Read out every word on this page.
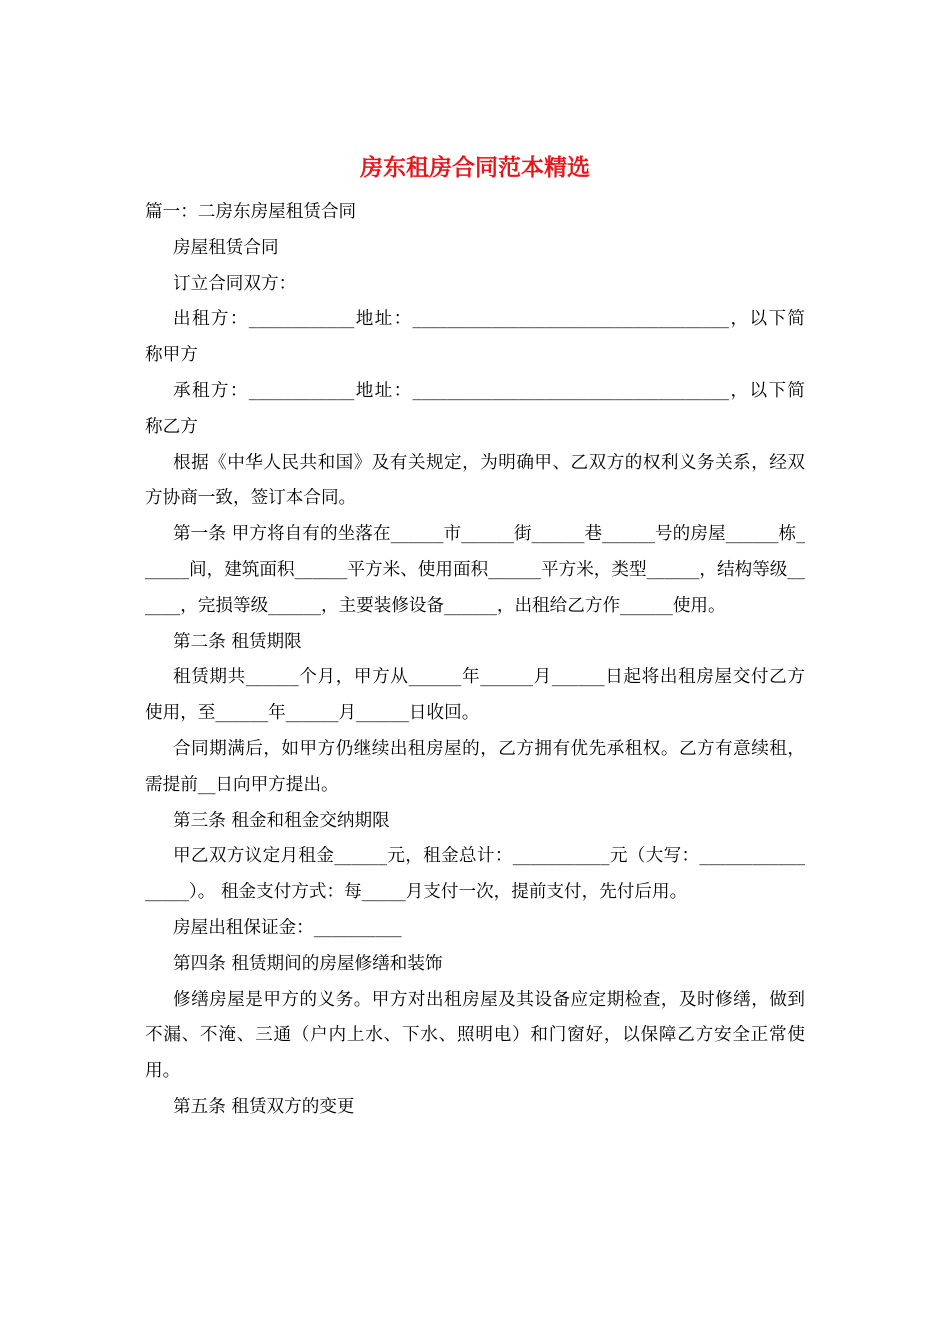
房东租房合同范本精选

篇一：二房东房屋租赁合同

房屋租赁合同

订立合同双方：

出租方：____________地址：____________________________________，以下简称甲方

承租方：____________地址：____________________________________，以下简称乙方

根据《中华人民共和国》及有关规定，为明确甲、乙双方的权利义务关系，经双方协商一致，签订本合同。

第一条 甲方将自有的坐落在______市______街______巷______号的房屋______栋______间，建筑面积______平方米、使用面积______平方米，类型______，结构等级______，完损等级______，主要装修设备______，出租给乙方作______使用。

第二条 租赁期限

租赁期共______个月，甲方从______年______月______日起将出租房屋交付乙方使用，至______年______月______日收回。

合同期满后，如甲方仍继续出租房屋的，乙方拥有优先承租权。乙方有意续租，需提前__日向甲方提出。

第三条 租金和租金交纳期限

甲乙双方议定月租金______元，租金总计：___________元（大写：_________________）。 租金支付方式：每_____月支付一次，提前支付，先付后用。

房屋出租保证金：__________

第四条 租赁期间的房屋修缮和装饰

修缮房屋是甲方的义务。甲方对出租房屋及其设备应定期检查，及时修缮，做到不漏、不淹、三通（户内上水、下水、照明电）和门窗好，以保障乙方安全正常使用。

第五条 租赁双方的变更
